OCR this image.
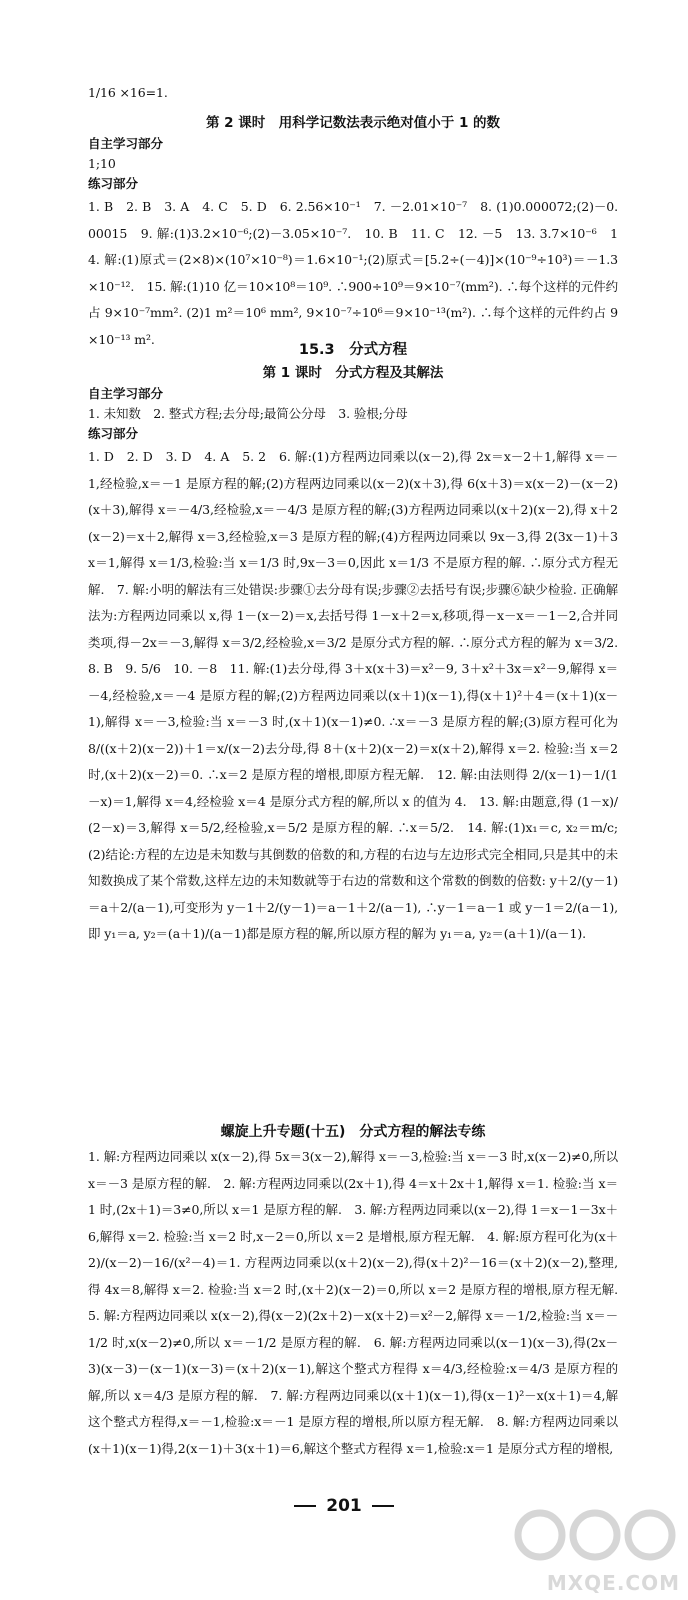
1/16 ×16=1.

第 2 课时　用科学记数法表示绝对值小于 1 的数

自主学习部分

1;10

练习部分

1. B　2. B　3. A　4. C　5. D　6. 2.56×10⁻¹　7. －2.01×10⁻⁷　8. (1)0.000072;(2)－0.00015　9. 解:(1)3.2×10⁻⁶;(2)－3.05×10⁻⁷.　10. B　11. C　12. －5　13. 3.7×10⁻⁶　14. 解:(1)原式＝(2×8)×(10⁷×10⁻⁸)＝1.6×10⁻¹;(2)原式＝[5.2÷(－4)]×(10⁻⁹÷10³)＝－1.3×10⁻¹².　15. 解:(1)10 亿＝10×10⁸＝10⁹. ∴900÷10⁹＝9×10⁻⁷(mm²). ∴每个这样的元件约占 9×10⁻⁷mm². (2)1 m²＝10⁶ mm², 9×10⁻⁷÷10⁶＝9×10⁻¹³(m²). ∴每个这样的元件约占 9×10⁻¹³ m².

15.3　分式方程

第 1 课时　分式方程及其解法

自主学习部分

1. 未知数　2. 整式方程;去分母;最简公分母　3. 验根;分母

练习部分

1. D　2. D　3. D　4. A　5. 2　6. 解:(1)方程两边同乘以(x－2),得 2x＝x－2＋1,解得 x＝－1,经检验,x＝－1 是原方程的解;(2)方程两边同乘以(x－2)(x＋3),得 6(x＋3)＝x(x－2)－(x－2)(x＋3),解得 x＝－4/3,经检验,x＝－4/3 是原方程的解;(3)方程两边同乘以(x＋2)(x－2),得 x＋2(x－2)＝x＋2,解得 x＝3,经检验,x＝3 是原方程的解;(4)方程两边同乘以 9x－3,得 2(3x－1)＋3x＝1,解得 x＝1/3,检验:当 x＝1/3 时,9x－3＝0,因此 x＝1/3 不是原方程的解. ∴原分式方程无解.　7. 解:小明的解法有三处错误:步骤①去分母有误;步骤②去括号有误;步骤⑥缺少检验. 正确解法为:方程两边同乘以 x,得 1－(x－2)＝x,去括号得 1－x＋2＝x,移项,得－x－x＝－1－2,合并同类项,得－2x＝－3,解得 x＝3/2,经检验,x＝3/2 是原分式方程的解. ∴原分式方程的解为 x＝3/2.　8. B　9. 5/6　10. －8　11. 解:(1)去分母,得 3＋x(x＋3)＝x²－9, 3＋x²＋3x＝x²－9,解得 x＝－4,经检验,x＝－4 是原方程的解;(2)方程两边同乘以(x＋1)(x－1),得(x＋1)²＋4＝(x＋1)(x－1),解得 x＝－3,检验:当 x＝－3 时,(x＋1)(x－1)≠0. ∴x＝－3 是原方程的解;(3)原方程可化为 8/((x＋2)(x－2))＋1＝x/(x－2)去分母,得 8＋(x＋2)(x－2)＝x(x＋2),解得 x＝2. 检验:当 x＝2 时,(x＋2)(x－2)＝0. ∴x＝2 是原方程的增根,即原方程无解.　12. 解:由法则得 2/(x－1)－1/(1－x)＝1,解得 x＝4,经检验 x＝4 是原分式方程的解,所以 x 的值为 4.　13. 解:由题意,得 (1－x)/(2－x)＝3,解得 x＝5/2,经检验,x＝5/2 是原方程的解. ∴x＝5/2.　14. 解:(1)x₁＝c, x₂＝m/c;(2)结论:方程的左边是未知数与其倒数的倍数的和,方程的右边与左边形式完全相同,只是其中的未知数换成了某个常数,这样左边的未知数就等于右边的常数和这个常数的倒数的倍数: y＋2/(y－1)＝a＋2/(a－1),可变形为 y－1＋2/(y－1)＝a－1＋2/(a－1), ∴y－1＝a－1 或 y－1＝2/(a－1),即 y₁＝a, y₂＝(a＋1)/(a－1)都是原方程的解,所以原方程的解为 y₁＝a, y₂＝(a＋1)/(a－1).

螺旋上升专题(十五)　分式方程的解法专练

1. 解:方程两边同乘以 x(x－2),得 5x＝3(x－2),解得 x＝－3,检验:当 x＝－3 时,x(x－2)≠0,所以 x＝－3 是原方程的解.　2. 解:方程两边同乘以(2x＋1),得 4＝x＋2x＋1,解得 x＝1. 检验:当 x＝1 时,(2x＋1)＝3≠0,所以 x＝1 是原方程的解.　3. 解:方程两边同乘以(x－2),得 1＝x－1－3x＋6,解得 x＝2. 检验:当 x＝2 时,x－2＝0,所以 x＝2 是增根,原方程无解.　4. 解:原方程可化为(x＋2)/(x－2)－16/(x²－4)＝1. 方程两边同乘以(x＋2)(x－2),得(x＋2)²－16＝(x＋2)(x－2),整理,得 4x＝8,解得 x＝2. 检验:当 x＝2 时,(x＋2)(x－2)＝0,所以 x＝2 是原方程的增根,原方程无解.　5. 解:方程两边同乘以 x(x－2),得(x－2)(2x＋2)－x(x＋2)＝x²－2,解得 x＝－1/2,检验:当 x＝－1/2 时,x(x－2)≠0,所以 x＝－1/2 是原方程的解.　6. 解:方程两边同乘以(x－1)(x－3),得(2x－3)(x－3)－(x－1)(x－3)＝(x＋2)(x－1),解这个整式方程得 x＝4/3,经检验:x＝4/3 是原方程的解,所以 x＝4/3 是原方程的解.　7. 解:方程两边同乘以(x＋1)(x－1),得(x－1)²－x(x＋1)＝4,解这个整式方程得,x＝－1,检验:x＝－1 是原方程的增根,所以原方程无解.　8. 解:方程两边同乘以(x＋1)(x－1)得,2(x－1)＋3(x＋1)＝6,解这个整式方程得 x＝1,检验:x＝1 是原分式方程的增根,

201
MXQE.COM
